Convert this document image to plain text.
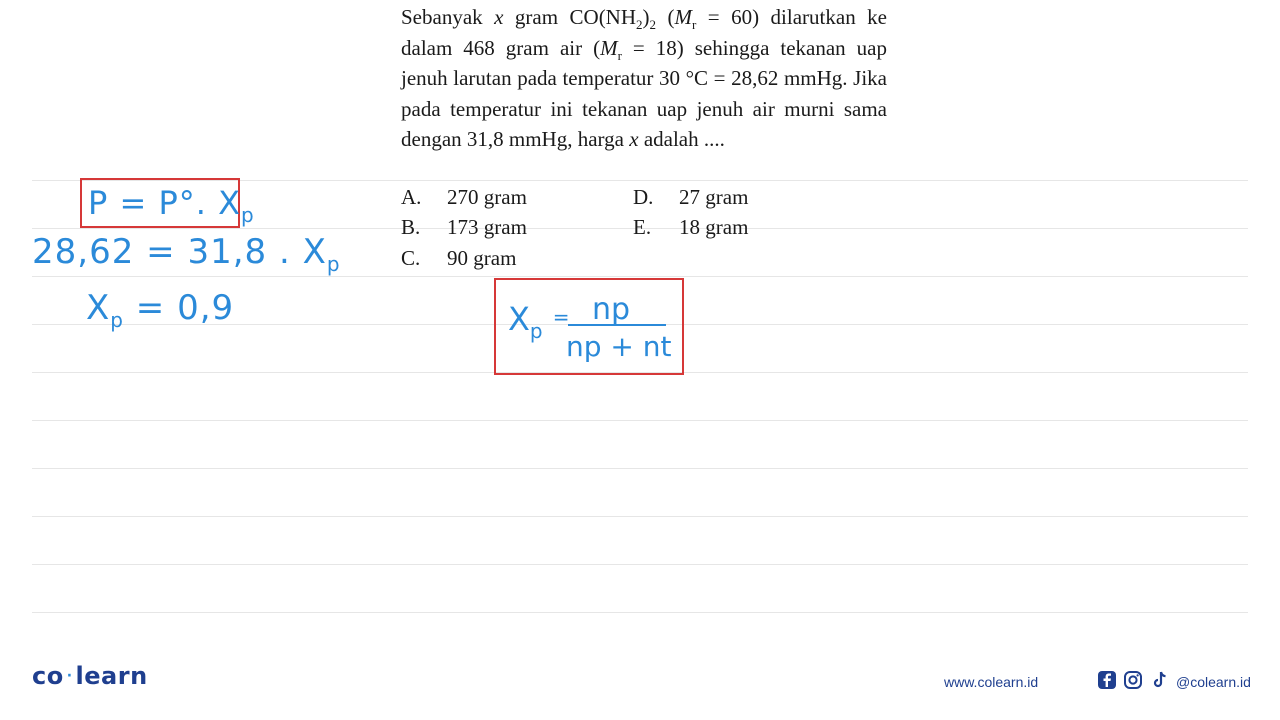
Sebanyak x gram $CO(NH_2)_2$ $(M_r = 60)$ dilarutkan ke dalam 468 gram air $(M_r = 18)$ sehingga tekanan uap jenuh larutan pada temperatur 30 °C = 28,62 mmHg. Jika pada temperatur ini tekanan uap jenuh air murni sama dengan 31,8 mmHg, harga x adalah ....

A. 270 gram
B. 173 gram
C. 90 gram
D. 27 gram
E. 18 gram
P = P°. $X_p$
28,62 = 31,8 . $X_p$
$X_p = 0,9$	$X_p$ = np
np + nt
co · learn	www.colearn.id	@colearn.id
